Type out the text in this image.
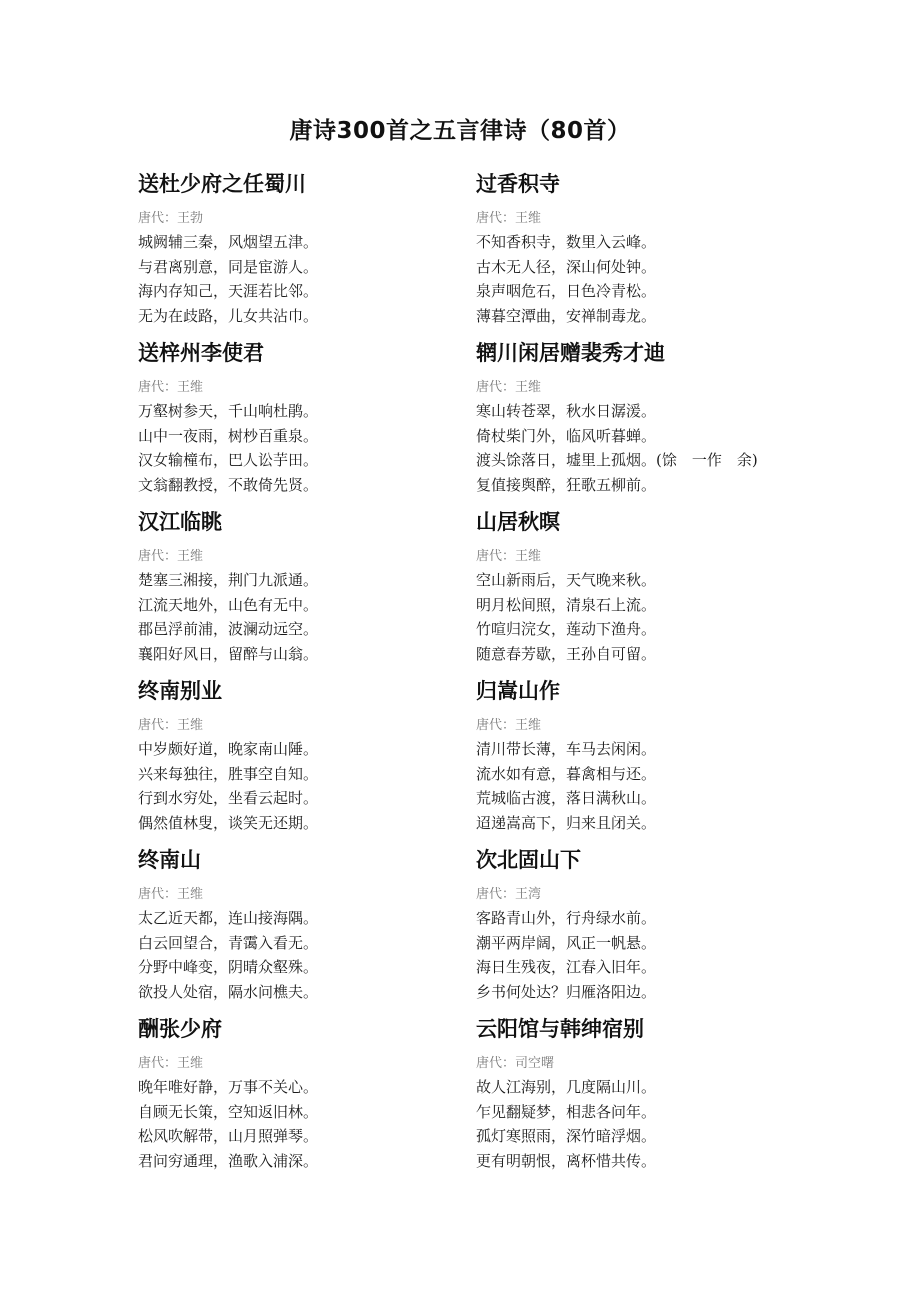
唐诗300首之五言律诗（80首）
送杜少府之任蜀川
唐代：王勃
城阙辅三秦，风烟望五津。
与君离别意，同是宦游人。
海内存知己，天涯若比邻。
无为在歧路，儿女共沾巾。
送梓州李使君
唐代：王维
万壑树参天，千山响杜鹃。
山中一夜雨，树杪百重泉。
汉女输橦布，巴人讼芋田。
文翁翻教授，不敢倚先贤。
汉江临眺
唐代：王维
楚塞三湘接，荆门九派通。
江流天地外，山色有无中。
郡邑浮前浦，波澜动远空。
襄阳好风日，留醉与山翁。
终南别业
唐代：王维
中岁颇好道，晚家南山陲。
兴来每独往，胜事空自知。
行到水穷处，坐看云起时。
偶然值林叟，谈笑无还期。
终南山
唐代：王维
太乙近天都，连山接海隅。
白云回望合，青霭入看无。
分野中峰变，阴晴众壑殊。
欲投人处宿，隔水问樵夫。
酬张少府
唐代：王维
晚年唯好静，万事不关心。
自顾无长策，空知返旧林。
松风吹解带，山月照弹琴。
君问穷通理，渔歌入浦深。
过香积寺
唐代：王维
不知香积寺，数里入云峰。
古木无人径，深山何处钟。
泉声咽危石，日色冷青松。
薄暮空潭曲，安禅制毒龙。
辋川闲居赠裴秀才迪
唐代：王维
寒山转苍翠，秋水日潺湲。
倚杖柴门外，临风听暮蝉。
渡头馀落日，墟里上孤烟。(馀　一作　余)
复值接舆醉，狂歌五柳前。
山居秋暝
唐代：王维
空山新雨后，天气晚来秋。
明月松间照，清泉石上流。
竹喧归浣女，莲动下渔舟。
随意春芳歇，王孙自可留。
归嵩山作
唐代：王维
清川带长薄，车马去闲闲。
流水如有意，暮禽相与还。
荒城临古渡，落日满秋山。
迢递嵩高下，归来且闭关。
次北固山下
唐代：王湾
客路青山外，行舟绿水前。
潮平两岸阔，风正一帆悬。
海日生残夜，江春入旧年。
乡书何处达？归雁洛阳边。
云阳馆与韩绅宿别
唐代：司空曙
故人江海别，几度隔山川。
乍见翻疑梦，相悲各问年。
孤灯寒照雨，深竹暗浮烟。
更有明朝恨，离杯惜共传。
